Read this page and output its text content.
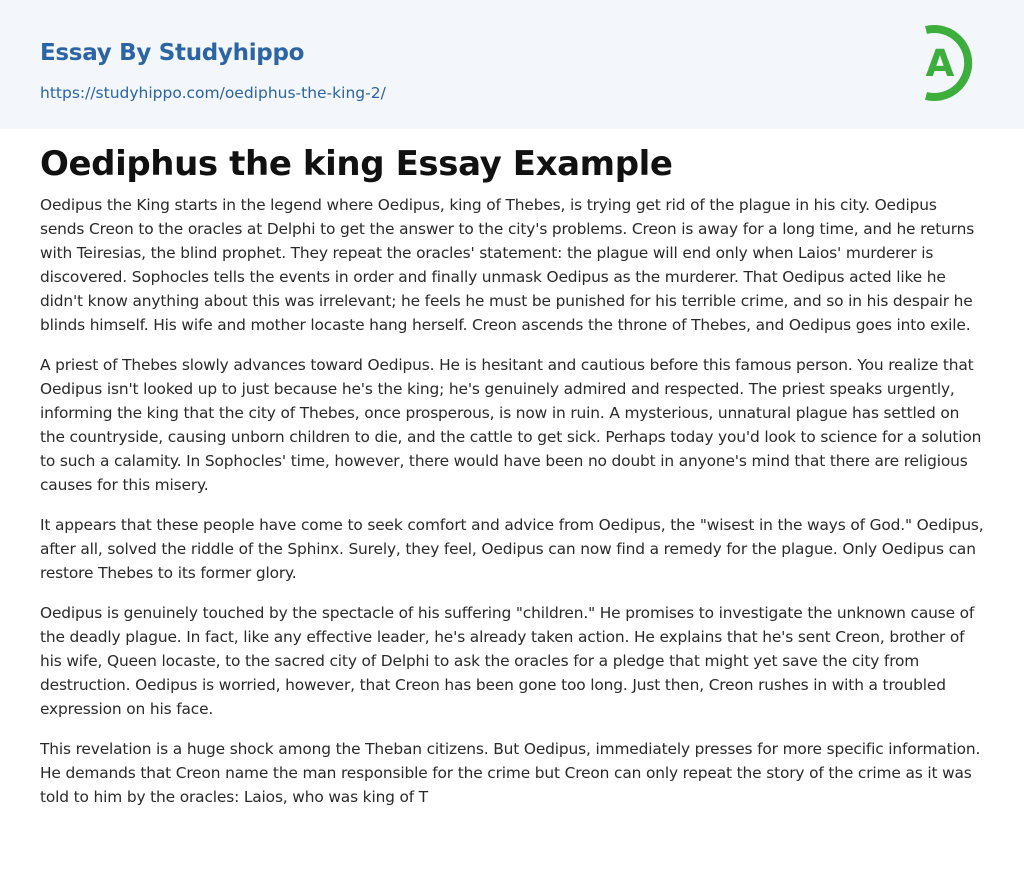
Essay By Studyhippo
https://studyhippo.com/oediphus-the-king-2/
A
Oediphus the king Essay Example

Oedipus the King starts in the legend where Oedipus, king of Thebes, is trying get rid of the plague in his city. Oedipus sends Creon to the oracles at Delphi to get the answer to the city's problems. Creon is away for a long time, and he returns with Teiresias, the blind prophet. They repeat the oracles' statement: the plague will end only when Laios' murderer is discovered. Sophocles tells the events in order and finally unmask Oedipus as the murderer. That Oedipus acted like he didn't know anything about this was irrelevant; he feels he must be punished for his terrible crime, and so in his despair he blinds himself. His wife and mother locaste hang herself. Creon ascends the throne of Thebes, and Oedipus goes into exile.

A priest of Thebes slowly advances toward Oedipus. He is hesitant and cautious before this famous person. You realize that Oedipus isn't looked up to just because he's the king; he's genuinely admired and respected. The priest speaks urgently, informing the king that the city of Thebes, once prosperous, is now in ruin. A mysterious, unnatural plague has settled on the countryside, causing unborn children to die, and the cattle to get sick. Perhaps today you'd look to science for a solution to such a calamity. In Sophocles' time, however, there would have been no doubt in anyone's mind that there are religious causes for this misery.

It appears that these people have come to seek comfort and advice from Oedipus, the "wisest in the ways of God." Oedipus, after all, solved the riddle of the Sphinx. Surely, they feel, Oedipus can now find a remedy for the plague. Only Oedipus can restore Thebes to its former glory.

Oedipus is genuinely touched by the spectacle of his suffering "children." He promises to investigate the unknown cause of the deadly plague. In fact, like any effective leader, he's already taken action. He explains that he's sent Creon, brother of his wife, Queen locaste, to the sacred city of Delphi to ask the oracles for a pledge that might yet save the city from destruction. Oedipus is worried, however, that Creon has been gone too long. Just then, Creon rushes in with a troubled expression on his face.

This revelation is a huge shock among the Theban citizens. But Oedipus, immediately presses for more specific information. He demands that Creon name the man responsible for the crime but Creon can only repeat the story of the crime as it was told to him by the oracles: Laios, who was king of T
